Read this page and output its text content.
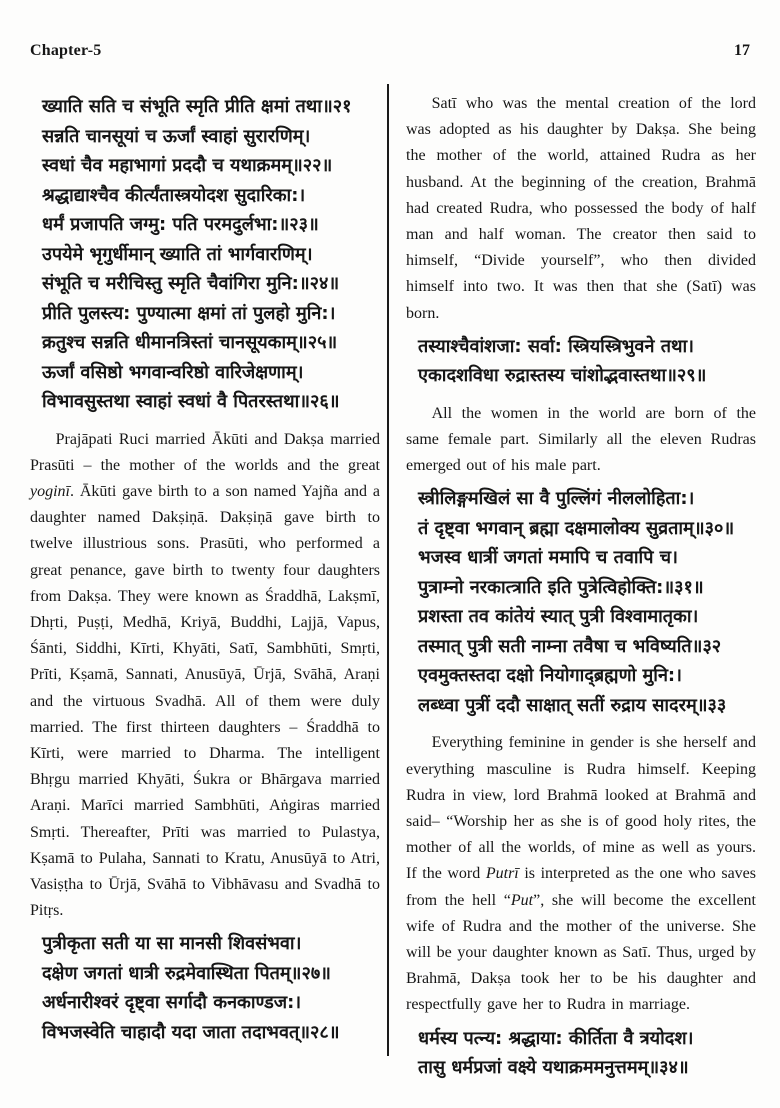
Chapter-5	17
ख्याति सति च संभूति स्मृति प्रीति क्षमां तथा॥२१
सन्नति चानसूयां च ऊर्जां स्वाहां सुरारणिम्।
स्वधां चैव महाभागां प्रददौ च यथाक्रमम्॥२२॥
श्रद्धाद्याश्चैव कीर्त्यंतास्त्रयोदश सुदारिका:।
धर्मं प्रजापति जग्मु: पति परमदुर्लभा:॥२३॥
उपयेमे भृगुर्धीमान् ख्याति तां भार्गवारणिम्।
संभूति च मरीचिस्तु स्मृति चैवांगिरा मुनि:॥२४॥
प्रीति पुलस्त्य: पुण्यात्मा क्षमां तां पुलहो मुनि:।
क्रतुश्च सन्नति धीमानत्रिस्तां चानसूयकाम्॥२५॥
ऊर्जां वसिष्ठो भगवान्वरिष्ठो वारिजेक्षणाम्।
विभावसुस्तथा स्वाहां स्वधां वै पितरस्तथा॥२६॥
Prajāpati Ruci married Ākūti and Dakṣa married Prasūti – the mother of the worlds and the great yoginī. Ākūti gave birth to a son named Yajña and a daughter named Dakṣiṇā. Dakṣiṇā gave birth to twelve illustrious sons. Prasūti, who performed a great penance, gave birth to twenty four daughters from Dakṣa. They were known as Śraddhā, Lakṣmī, Dhṛti, Puṣṭi, Medhā, Kriyā, Buddhi, Lajjā, Vapus, Śānti, Siddhi, Kīrti, Khyāti, Satī, Sambhūti, Smṛti, Prīti, Kṣamā, Sannati, Anusūyā, Ūrjā, Svāhā, Araṇi and the virtuous Svadhā. All of them were duly married. The first thirteen daughters – Śraddhā to Kīrti, were married to Dharma. The intelligent Bhṛgu married Khyāti, Śukra or Bhārgava married Araṇi. Marīci married Sambhūti, Aṅgiras married Smṛti. Thereafter, Prīti was married to Pulastya, Kṣamā to Pulaha, Sannati to Kratu, Anusūyā to Atri, Vasiṣṭha to Ūrjā, Svāhā to Vibhāvasu and Svadhā to Pitṛs.
पुत्रीकृता सती या सा मानसी शिवसंभवा।
दक्षेण जगतां धात्री रुद्रमेवास्थिता पितम्॥२७॥
अर्धनारीश्वरं दृष्ट्वा सर्गादौ कनकाण्डज:।
विभजस्वेति चाहादौ यदा जाता तदाभवत्॥२८॥
Satī who was the mental creation of the lord was adopted as his daughter by Dakṣa. She being the mother of the world, attained Rudra as her husband. At the beginning of the creation, Brahmā had created Rudra, who possessed the body of half man and half woman. The creator then said to himself, “Divide yourself”, who then divided himself into two. It was then that she (Satī) was born.
तस्याश्चैवांशजा: सर्वा: स्त्रियस्त्रिभुवने तथा।
एकादशविधा रुद्रास्तस्य चांशोद्भवास्तथा॥२९॥
All the women in the world are born of the same female part. Similarly all the eleven Rudras emerged out of his male part.
स्त्रीलिङ्गमखिलं सा वै पुल्लिंगं नीललोहिता:।
तं दृष्ट्वा भगवान् ब्रह्मा दक्षमालोक्य सुव्रताम्॥३०॥
भजस्व धात्रीं जगतां ममापि च तवापि च।
पुत्राम्नो नरकात्त्राति इति पुत्रेत्विहोक्ति:॥३१॥
प्रशस्ता तव कांतेयं स्यात् पुत्री विश्वामातृका।
तस्मात् पुत्री सती नाम्ना तवैषा च भविष्यति॥३२
एवमुक्तस्तदा दक्षो नियोगाद्ब्रह्मणो मुनि:।
लब्ध्वा पुत्रीं ददौ साक्षात् सतीं रुद्राय सादरम्॥३३
Everything feminine in gender is she herself and everything masculine is Rudra himself. Keeping Rudra in view, lord Brahmā looked at Brahmā and said– “Worship her as she is of good holy rites, the mother of all the worlds, of mine as well as yours. If the word Putrī is interpreted as the one who saves from the hell “Put”, she will become the excellent wife of Rudra and the mother of the universe. She will be your daughter known as Satī. Thus, urged by Brahmā, Dakṣa took her to be his daughter and respectfully gave her to Rudra in marriage.
धर्मस्य पत्न्य: श्रद्धाया: कीर्तिता वै त्रयोदश।
तासु धर्मप्रजां वक्ष्ये यथाक्रममनुत्तमम्॥३४॥
